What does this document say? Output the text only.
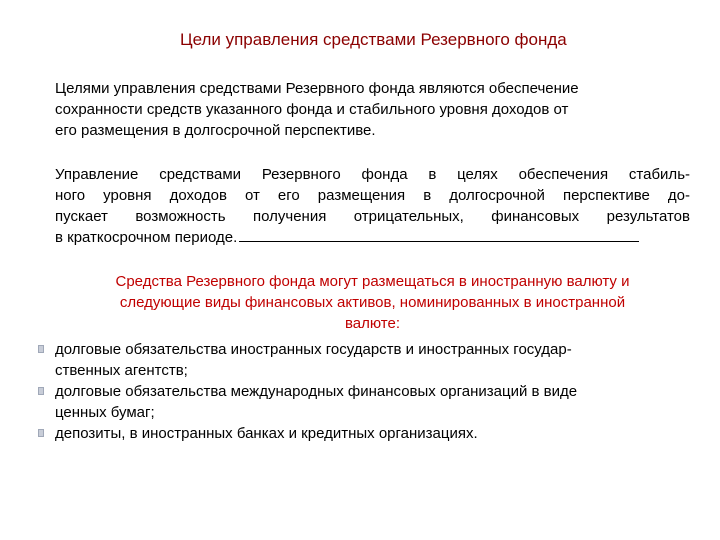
Цели управления средствами Резервного фонда
Целями управления средствами Резервного фонда являются обеспечение
сохранности средств указанного фонда и стабильного уровня доходов от
его размещения в долгосрочной перспективе.
Управление средствами Резервного фонда в целях обеспечения стабиль-
ного уровня доходов от его размещения в долгосрочной перспективе до-
пускает возможность получения отрицательных, финансовых результатов
в краткосрочном периоде.
Средства Резервного фонда могут размещаться в иностранную валюту и
следующие виды финансовых активов, номинированных в иностранной
валюте:
долговые обязательства иностранных государств и иностранных государ-
ственных агентств;
долговые обязательства международных финансовых организаций в виде
ценных бумаг;
депозиты, в иностранных банках и кредитных организациях.
